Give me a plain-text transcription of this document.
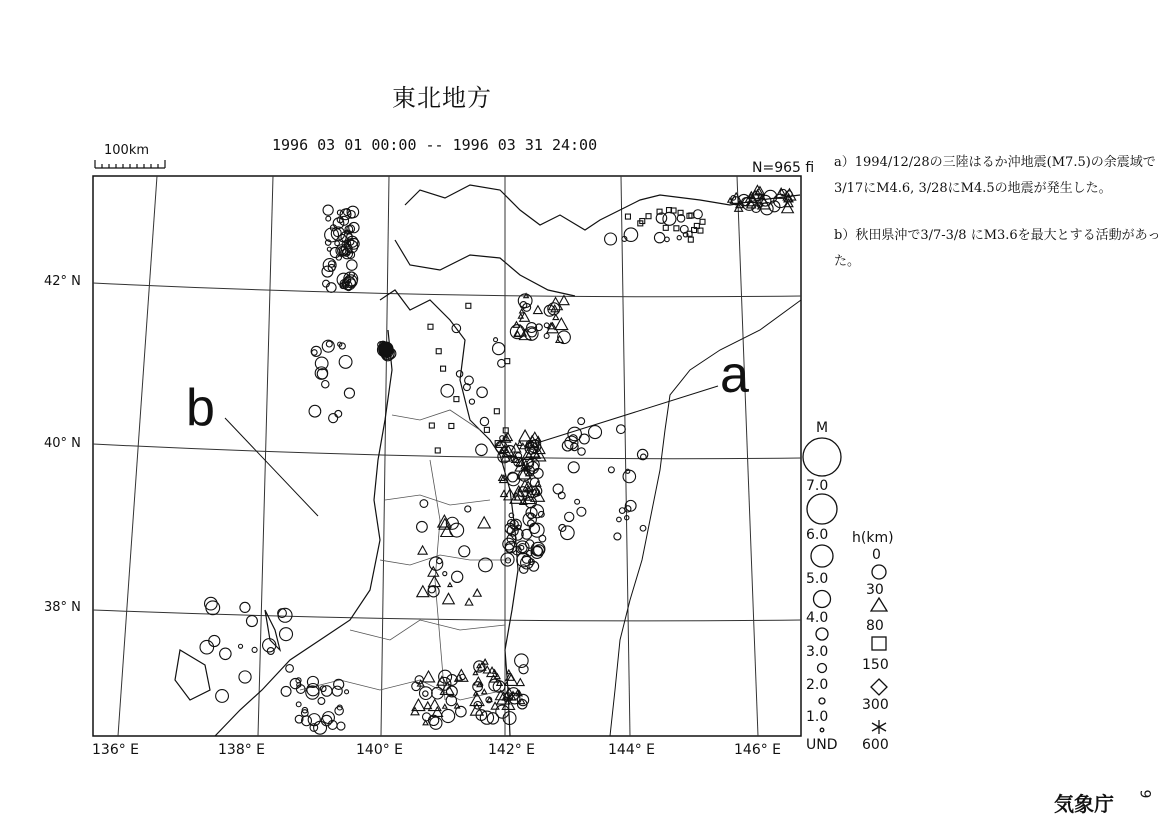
東北地方
1996 03 01 00:00 -- 1996 03 31 24:00
100km
N=965 fi a）1994/12/28の三陸はるか沖地震(M7.5)の余震域で3/17にM4.6, 3/28にM4.5の地震が発生した。
b）秋田県沖で3/7-3/8 にM3.6を最大とする活動があった。
42° N
40° N
38° N
136° E	138° E	140° E	142° E	144° E	146° E
b
a
M
7.0
6.0
5.0
4.0
3.0
2.0
1.0
UND
h(km)
0
30
80
150
300
600
気象庁 9
